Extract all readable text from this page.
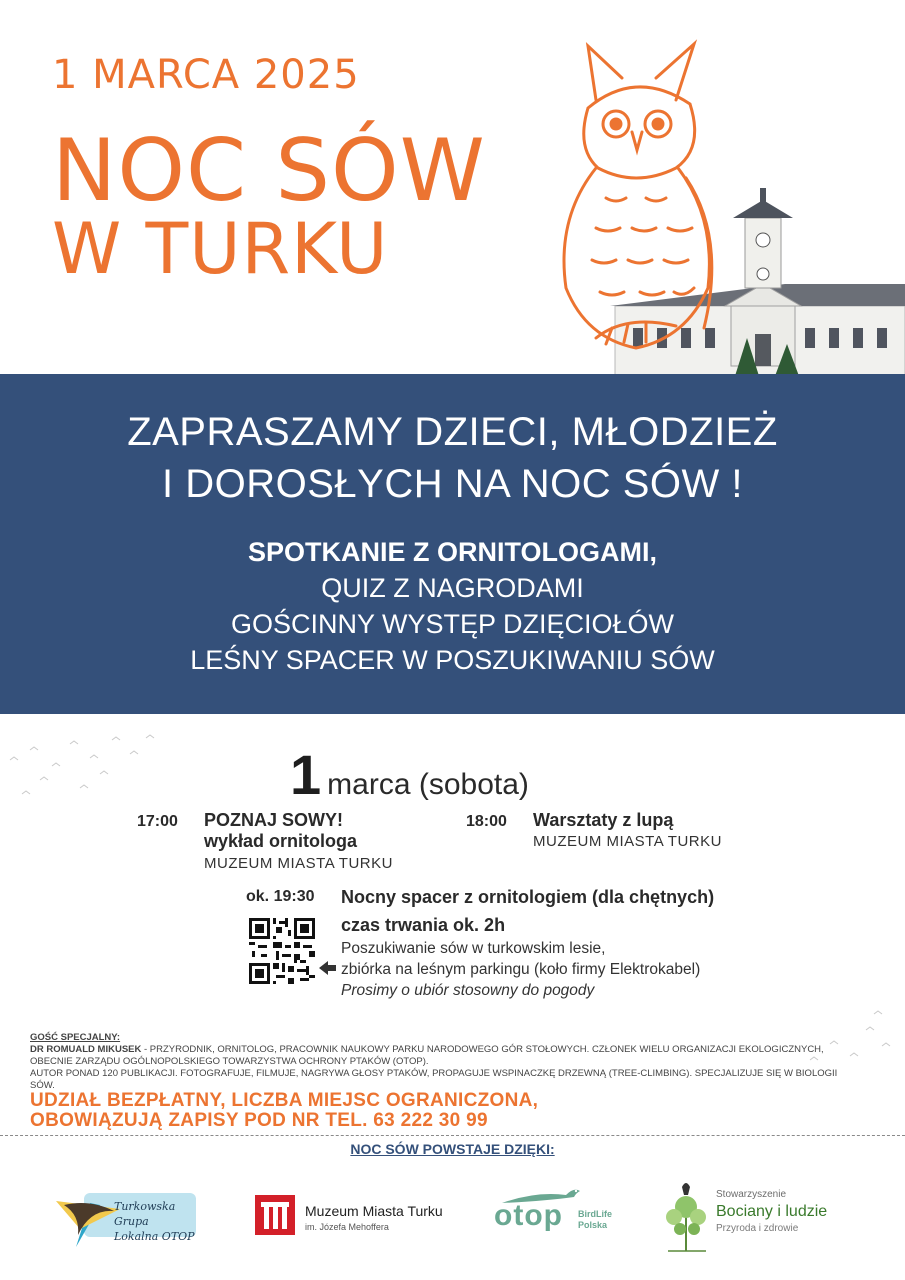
1 MARCA 2025
NOC SÓW
W TURKU
ZAPRASZAMY DZIECI, MŁODZIEŻ
I DOROSŁYCH NA NOC SÓW !
SPOTKANIE Z ORNITOLOGAMI,
QUIZ Z NAGRODAMI
GOŚCINNY WYSTĘP DZIĘCIOŁÓW
LEŚNY SPACER W POSZUKIWANIU SÓW
1 marca (sobota)
17:00 POZNAJ SOWY!
wykład ornitologa
MUZEUM MIASTA TURKU
18:00 Warsztaty z lupą
MUZEUM MIASTA TURKU
ok. 19:30 Nocny spacer z ornitologiem (dla chętnych)
czas trwania ok. 2h
Poszukiwanie sów w turkowskim lesie,
zbiórka na leśnym parkingu (koło firmy Elektrokabel)
Prosimy o ubiór stosowny do pogody
GOŚĆ SPECJALNY:
DR ROMUALD MIKUSEK - PRZYRODNIK, ORNITOLOG, PRACOWNIK NAUKOWY PARKU NARODOWEGO GÓR STOŁOWYCH. CZŁONEK WIELU ORGANIZACJI EKOLOGICZNYCH,
OBECNIE ZARZĄDU OGÓLNOPOLSKIEGO TOWARZYSTWA OCHRONY PTAKÓW (OTOP).
AUTOR PONAD 120 PUBLIKACJI. FOTOGRAFUJE, FILMUJE, NAGRYWA GŁOSY PTAKÓW, PROPAGUJE WSPINACZKĘ DRZEWNĄ (TREE-CLIMBING). SPECJALIZUJE SIĘ W BIOLOGII SÓW.
UDZIAŁ BEZPŁATNY, LICZBA MIEJSC OGRANICZONA,
OBOWIĄZUJĄ ZAPISY POD NR TEL. 63 222 30 99
NOC SÓW POWSTAJE DZIĘKI:
Turkowska Grupa
Lokalna OTOP
Muzeum Miasta Turku
im. Józefa Mehoffera	otop BirdLife
Polska
Stowarzyszenie
Bociany i ludzie
Przyroda i zdrowie
